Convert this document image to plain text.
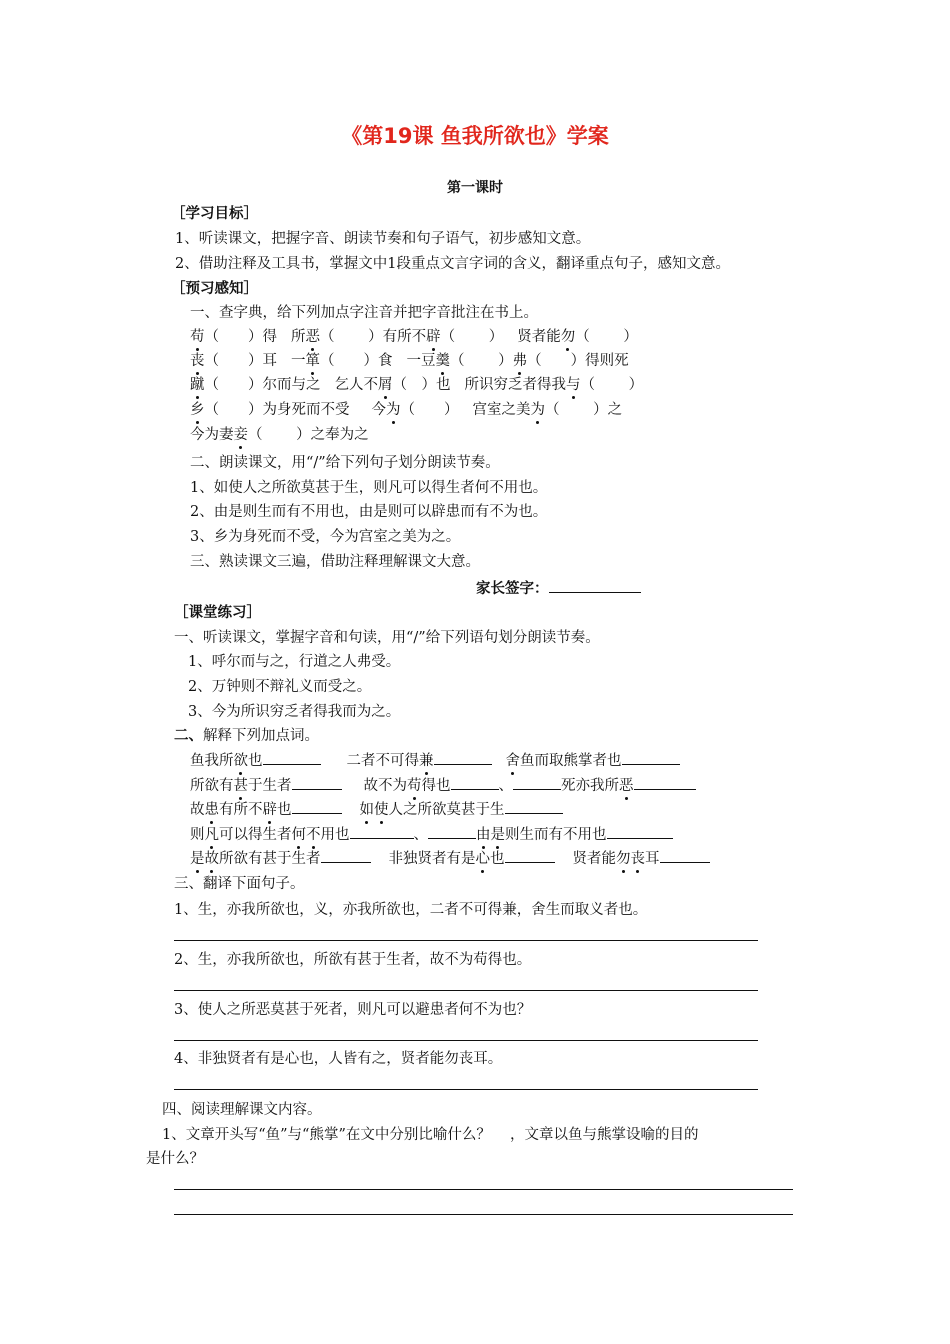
《第19课 鱼我所欲也》学案
第一课时
［学习目标］
1、听读课文，把握字音、朗读节奏和句子语气，初步感知文意。
2、借助注释及工具书，掌握文中1段重点文言字词的含义，翻译重点句子，感知文意。
［预习感知］
一、查字典，给下列加点字注音并把字音批注在书上。
苟（　　）得 所恶（　　 ）有所不辟（　　 ） 贤者能勿（　　 ）
丧（　　）耳 一箪（　　）食 一豆羹（　　 ）弗（　　）得则死
蹴（　　）尔而与之 乞人不屑（　）也 所识穷乏者得我与（　　 ）
乡（　　）为身死而不受 今为（　　） 宫室之美为（　　 ）之
今为妻妾（　　 ）之奉为之
二、朗读课文，用“/”给下列句子划分朗读节奏。
1、如使人之所欲莫甚于生，则凡可以得生者何不用也。
2、由是则生而有不用也，由是则可以辟患而有不为也。
3、乡为身死而不受，今为宫室之美为之。
三、熟读课文三遍，借助注释理解课文大意。
家长签字：
［课堂练习］
一、听读课文，掌握字音和句读，用“/”给下列语句划分朗读节奏。
1、呼尔而与之，行道之人弗受。
2、万钟则不辩礼义而受之。
3、今为所识穷乏者得我而为之。
二、解释下列加点词。
鱼我所欲也	二者不可得兼	舍鱼而取熊掌者也
所欲有甚于生者	故不为苟得也	、	死亦我所恶
故患有所不辟也	如使人之所欲莫甚于生
则凡可以得生者何不用也	、	由是则生而有不用也
是故所欲有甚于生者	非独贤者有是心也	贤者能勿丧耳
三、翻译下面句子。
1、生，亦我所欲也，义，亦我所欲也，二者不可得兼，舍生而取义者也。
2、生，亦我所欲也，所欲有甚于生者，故不为苟得也。
3、使人之所恶莫甚于死者，则凡可以避患者何不为也？
4、非独贤者有是心也，人皆有之，贤者能勿丧耳。
四、阅读理解课文内容。
1、文章开头写“鱼”与“熊掌”在文中分别比喻什么？　 ，文章以鱼与熊掌设喻的目的
是什么？
